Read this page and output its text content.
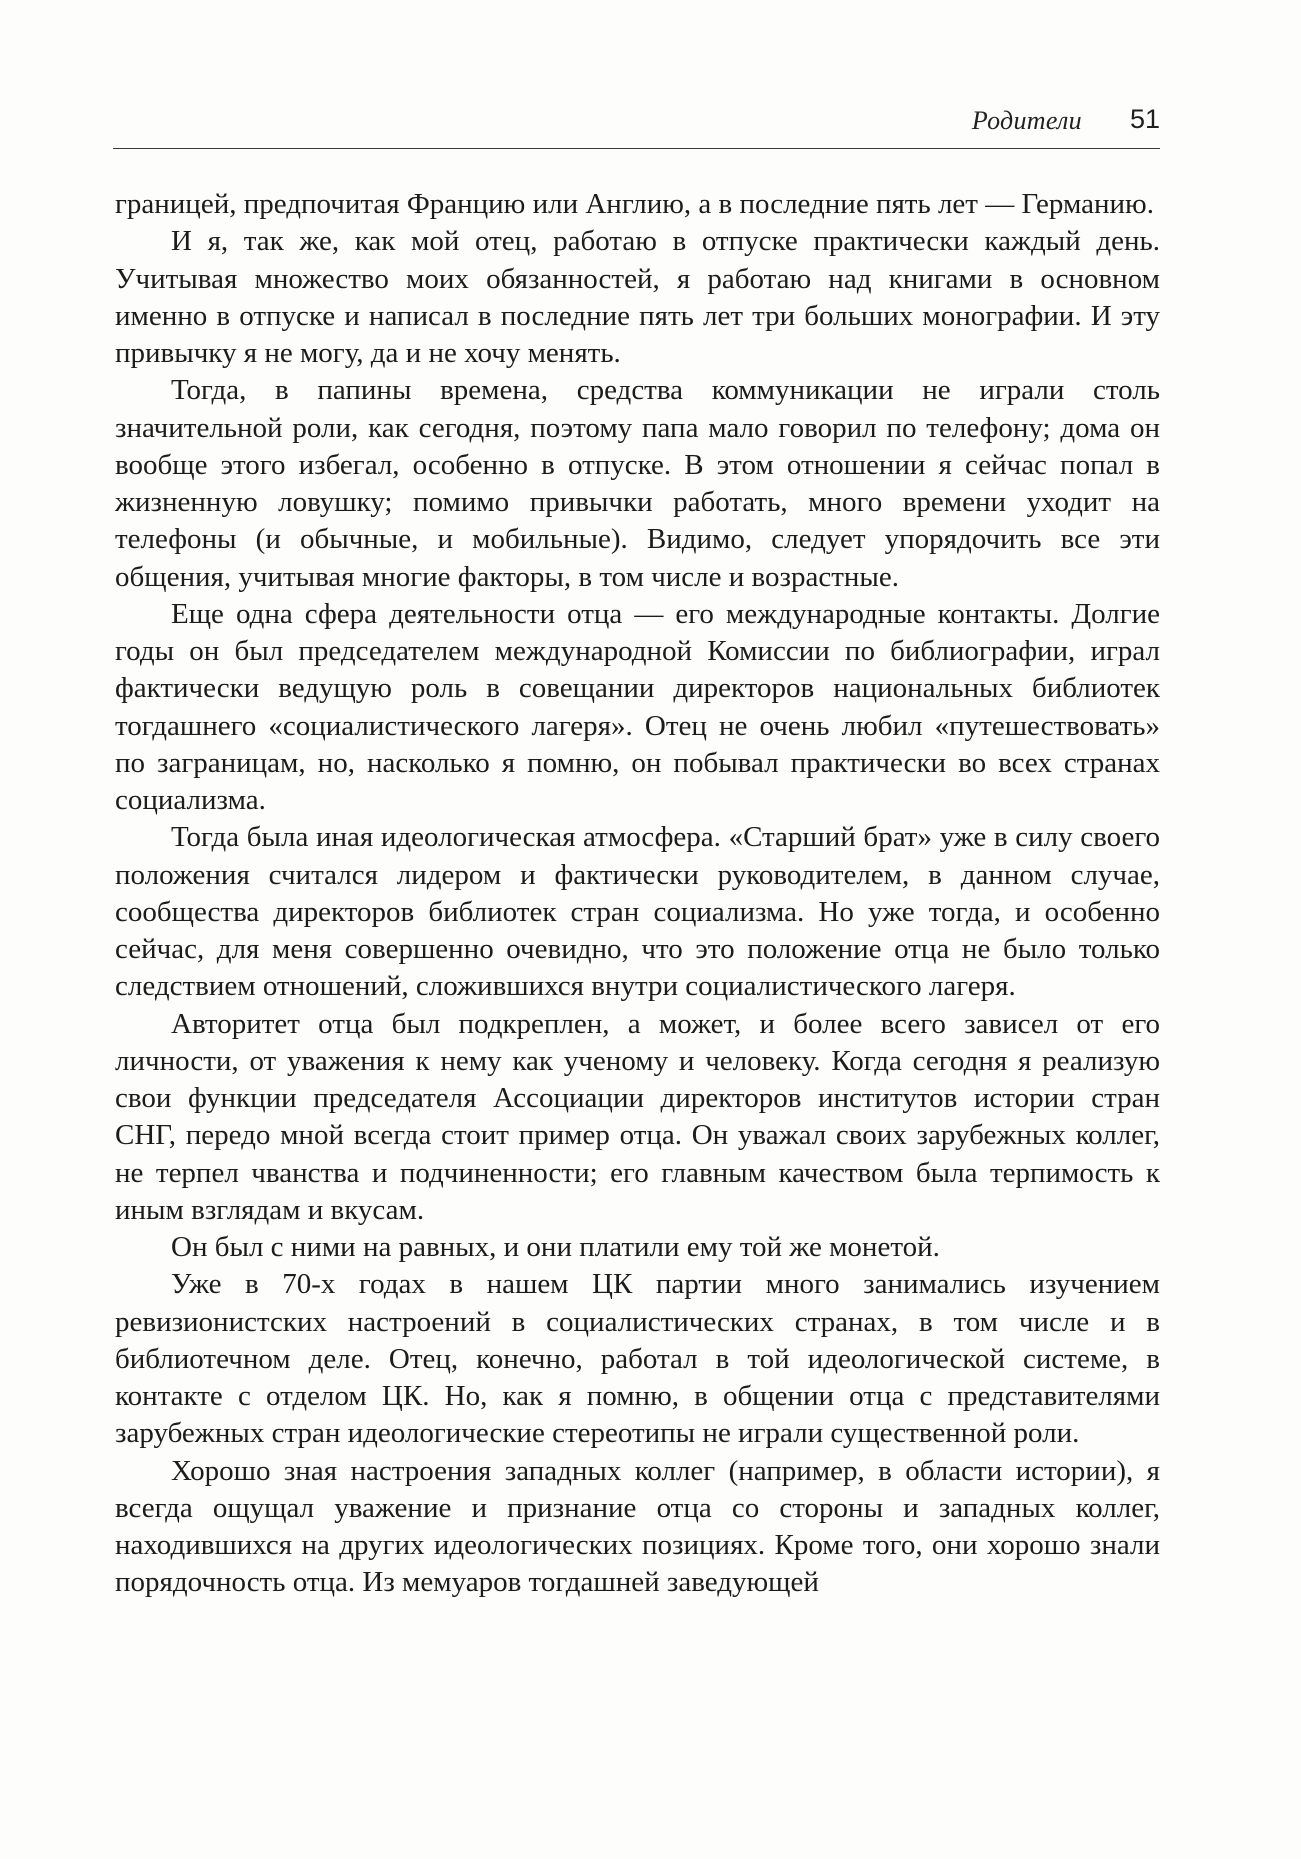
Родители 51

границей, предпочитая Францию или Англию, а в последние пять лет — Германию.

И я, так же, как мой отец, работаю в отпуске практически каждый день. Учитывая множество моих обязанностей, я работаю над книгами в основном именно в отпуске и написал в последние пять лет три больших монографии. И эту привычку я не могу, да и не хочу менять.

Тогда, в папины времена, средства коммуникации не играли столь значительной роли, как сегодня, поэтому папа мало говорил по телефону; дома он вообще этого избегал, особенно в отпуске. В этом отношении я сейчас попал в жизненную ловушку; помимо привычки работать, много времени уходит на телефоны (и обычные, и мобильные). Видимо, следует упорядочить все эти общения, учитывая многие факторы, в том числе и возрастные.

Еще одна сфера деятельности отца — его международные контакты. Долгие годы он был председателем международной Комиссии по библиографии, играл фактически ведущую роль в совещании директоров национальных библиотек тогдашнего «социалистического лагеря». Отец не очень любил «путешествовать» по заграницам, но, насколько я помню, он побывал практически во всех странах социализма.

Тогда была иная идеологическая атмосфера. «Старший брат» уже в силу своего положения считался лидером и фактически руководителем, в данном случае, сообщества директоров библиотек стран социализма. Но уже тогда, и особенно сейчас, для меня совершенно очевидно, что это положение отца не было только следствием отношений, сложившихся внутри социалистического лагеря.

Авторитет отца был подкреплен, а может, и более всего зависел от его личности, от уважения к нему как ученому и человеку. Когда сегодня я реализую свои функции председателя Ассоциации директоров институтов истории стран СНГ, передо мной всегда стоит пример отца. Он уважал своих зарубежных коллег, не терпел чванства и подчиненности; его главным качеством была терпимость к иным взглядам и вкусам.

Он был с ними на равных, и они платили ему той же монетой.

Уже в 70-х годах в нашем ЦК партии много занимались изучением ревизионистских настроений в социалистических странах, в том числе и в библиотечном деле. Отец, конечно, работал в той идеологической системе, в контакте с отделом ЦК. Но, как я помню, в общении отца с представителями зарубежных стран идеологические стереотипы не играли существенной роли.

Хорошо зная настроения западных коллег (например, в области истории), я всегда ощущал уважение и признание отца со стороны и западных коллег, находившихся на других идеологических позициях. Кроме того, они хорошо знали порядочность отца. Из мемуаров тогдашней заведующей
